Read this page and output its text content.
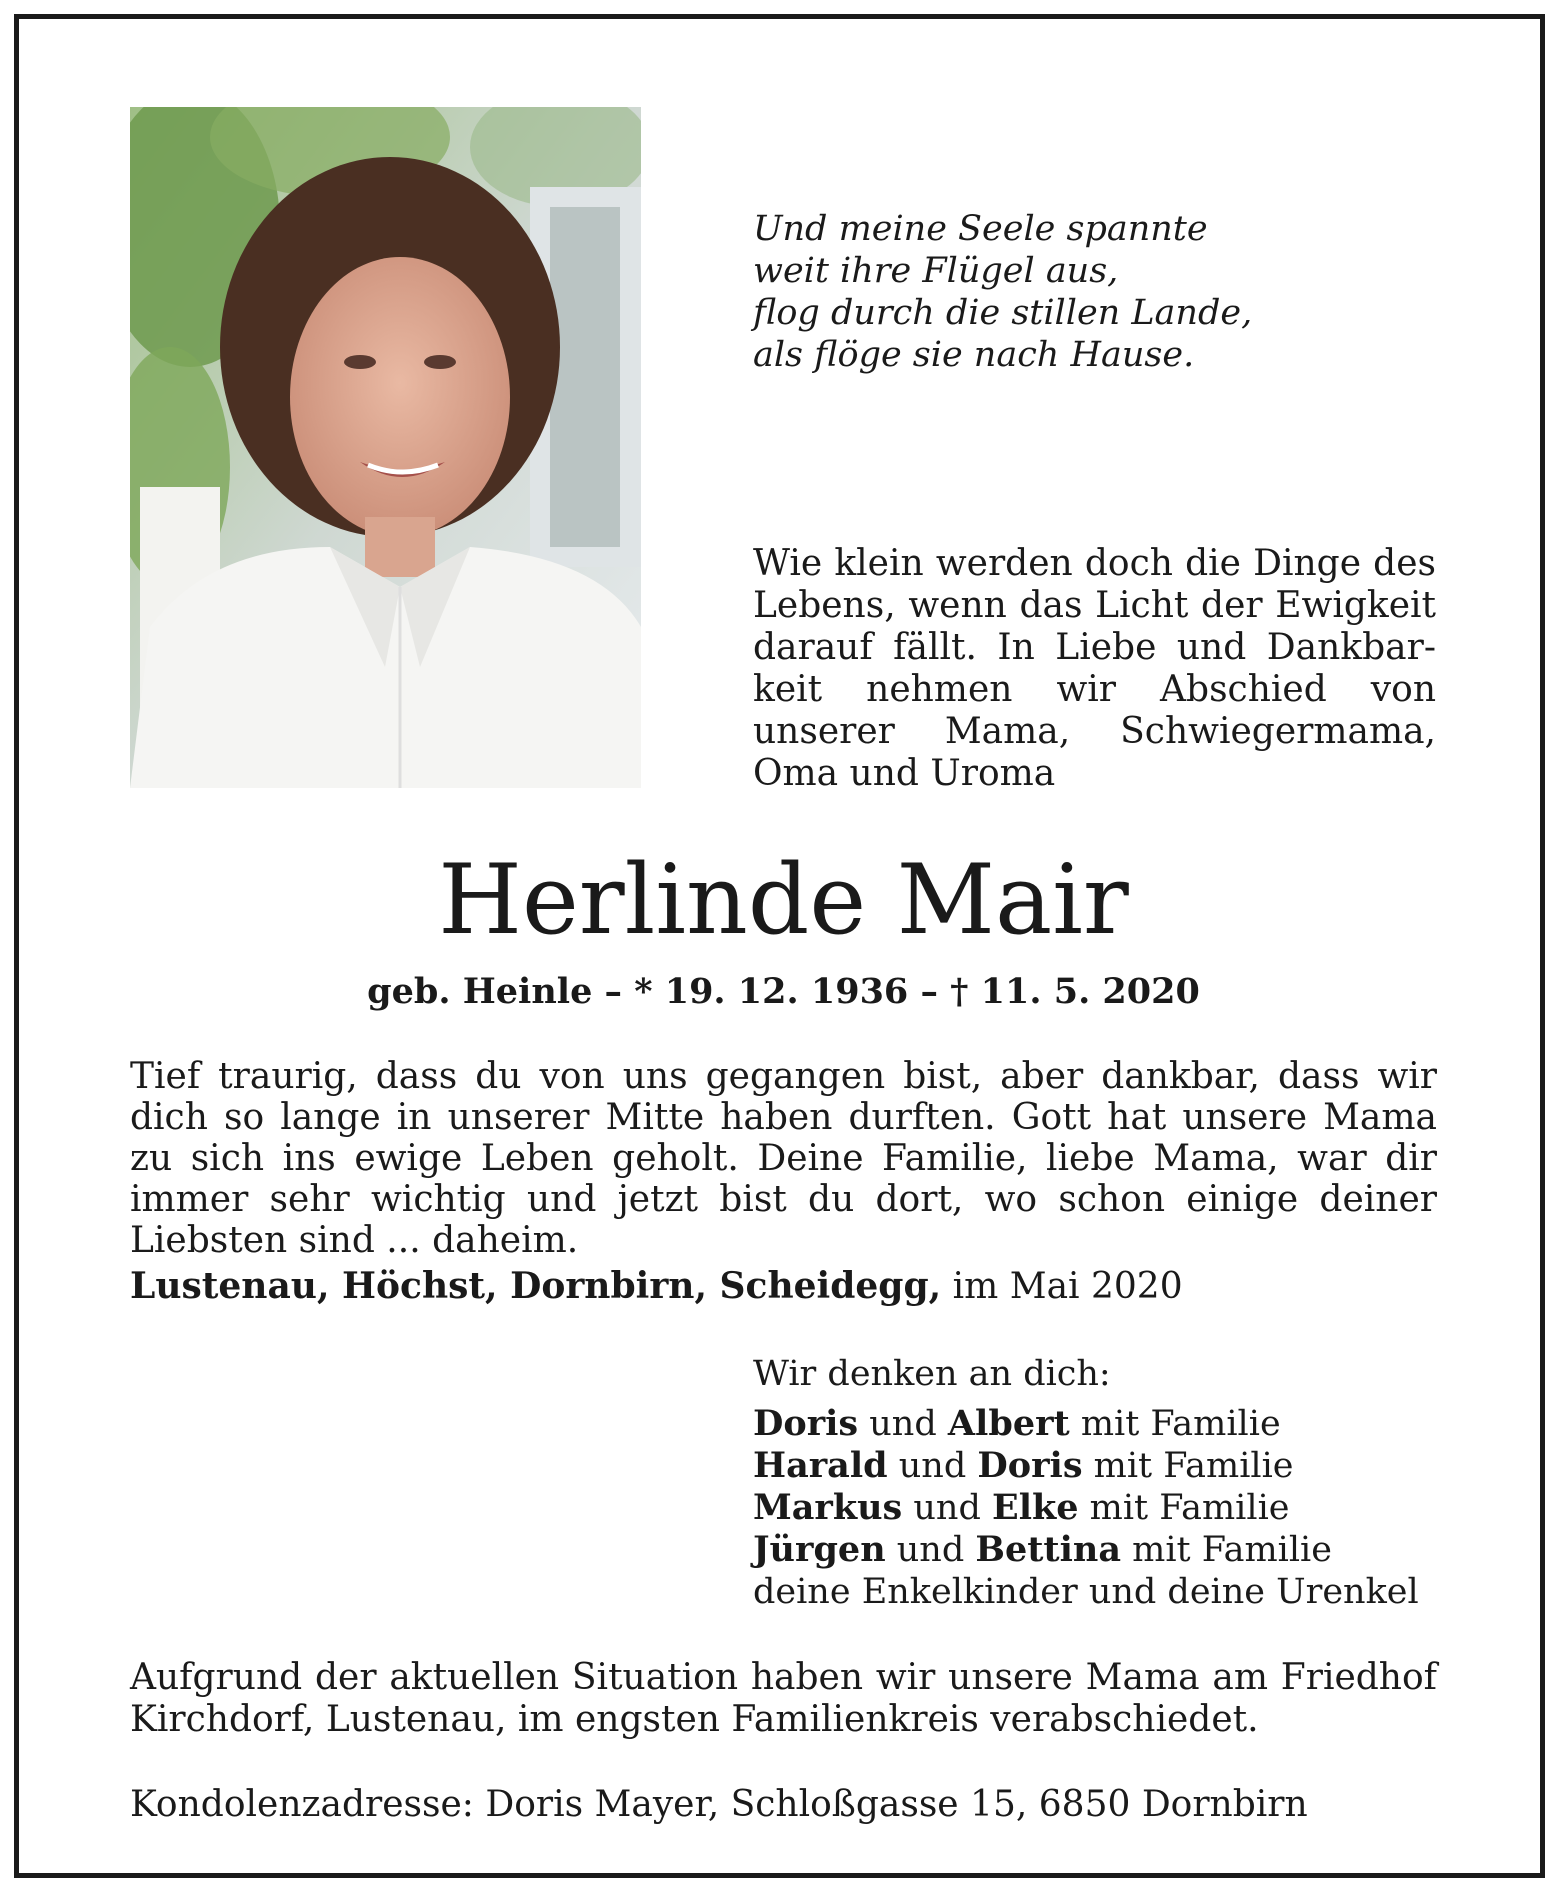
Und meine Seele spannte
weit ihre Flügel aus,
flog durch die stillen Lande,
als flöge sie nach Hause.

Wie klein werden doch die Dinge des Lebens, wenn das Licht der Ewigkeit darauf fällt. In Liebe und Dankbarkeit nehmen wir Abschied von unserer Mama, Schwiegermama, Oma und Uroma

Herlinde Mair

geb. Heinle – * 19. 12. 1936 – † 11. 5. 2020

Tief traurig, dass du von uns gegangen bist, aber dankbar, dass wir dich so lange in unserer Mitte haben durften. Gott hat unsere Mama zu sich ins ewige Leben geholt. Deine Familie, liebe Mama, war dir immer sehr wichtig und jetzt bist du dort, wo schon einige deiner Liebsten sind ... daheim.

Lustenau, Höchst, Dornbirn, Scheidegg, im Mai 2020

Wir denken an dich:
Doris und Albert mit Familie
Harald und Doris mit Familie
Markus und Elke mit Familie
Jürgen und Bettina mit Familie
deine Enkelkinder und deine Urenkel

Aufgrund der aktuellen Situation haben wir unsere Mama am Friedhof Kirchdorf, Lustenau, im engsten Familienkreis verabschiedet.

Kondolenzadresse: Doris Mayer, Schloßgasse 15, 6850 Dornbirn
